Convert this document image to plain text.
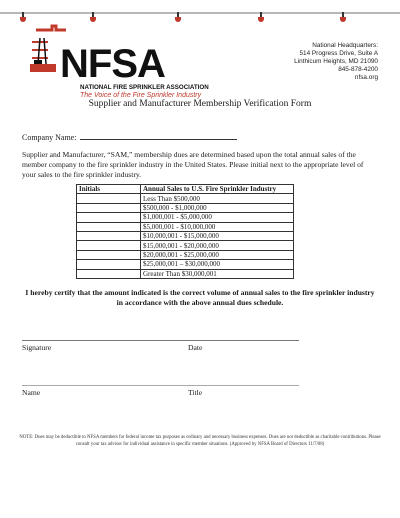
NFSA
NATIONAL FIRE SPRINKLER ASSOCIATION
The Voice of the Fire Sprinkler Industry
National Headquarters:
514 Progress Drive, Suite A
Linthicum Heights, MD 21090
845-878-4200
nfsa.org
Supplier and Manufacturer Membership Verification Form
Company Name:
Supplier and Manufacturer, “SAM,” membership dues are determined based upon the total annual sales of the member company to the fire sprinkler industry in the United States. Please initial next to the appropriate level of your sales to the fire sprinkler industry.
Initials	Annual Sales to U.S. Fire Sprinkler Industry
	Less Than $500,000
	$500,000 - $1,000,000
	$1,000,001 - $5,000,000
	$5,000,001 - $10,000,000
	$10,000,001 - $15,000,000
	$15,000,001 - $20,000,000
	$20,000,001 - $25,000,000
	$25,000,001 – $30,000,000
	Greater Than $30,000,001
I hereby certify that the amount indicated is the correct volume of annual sales to the fire sprinkler industry in accordance with the above annual dues schedule.
Signature	Date
Name	Title
NOTE: Dues may be deductible to NFSA members for federal income tax purposes as ordinary and necessary business expenses. Dues are not deductible as charitable contributions. Please consult your tax advisor for individual assistance in specific member situations. (Approved by NFSA Board of Directors 11/7/08)
